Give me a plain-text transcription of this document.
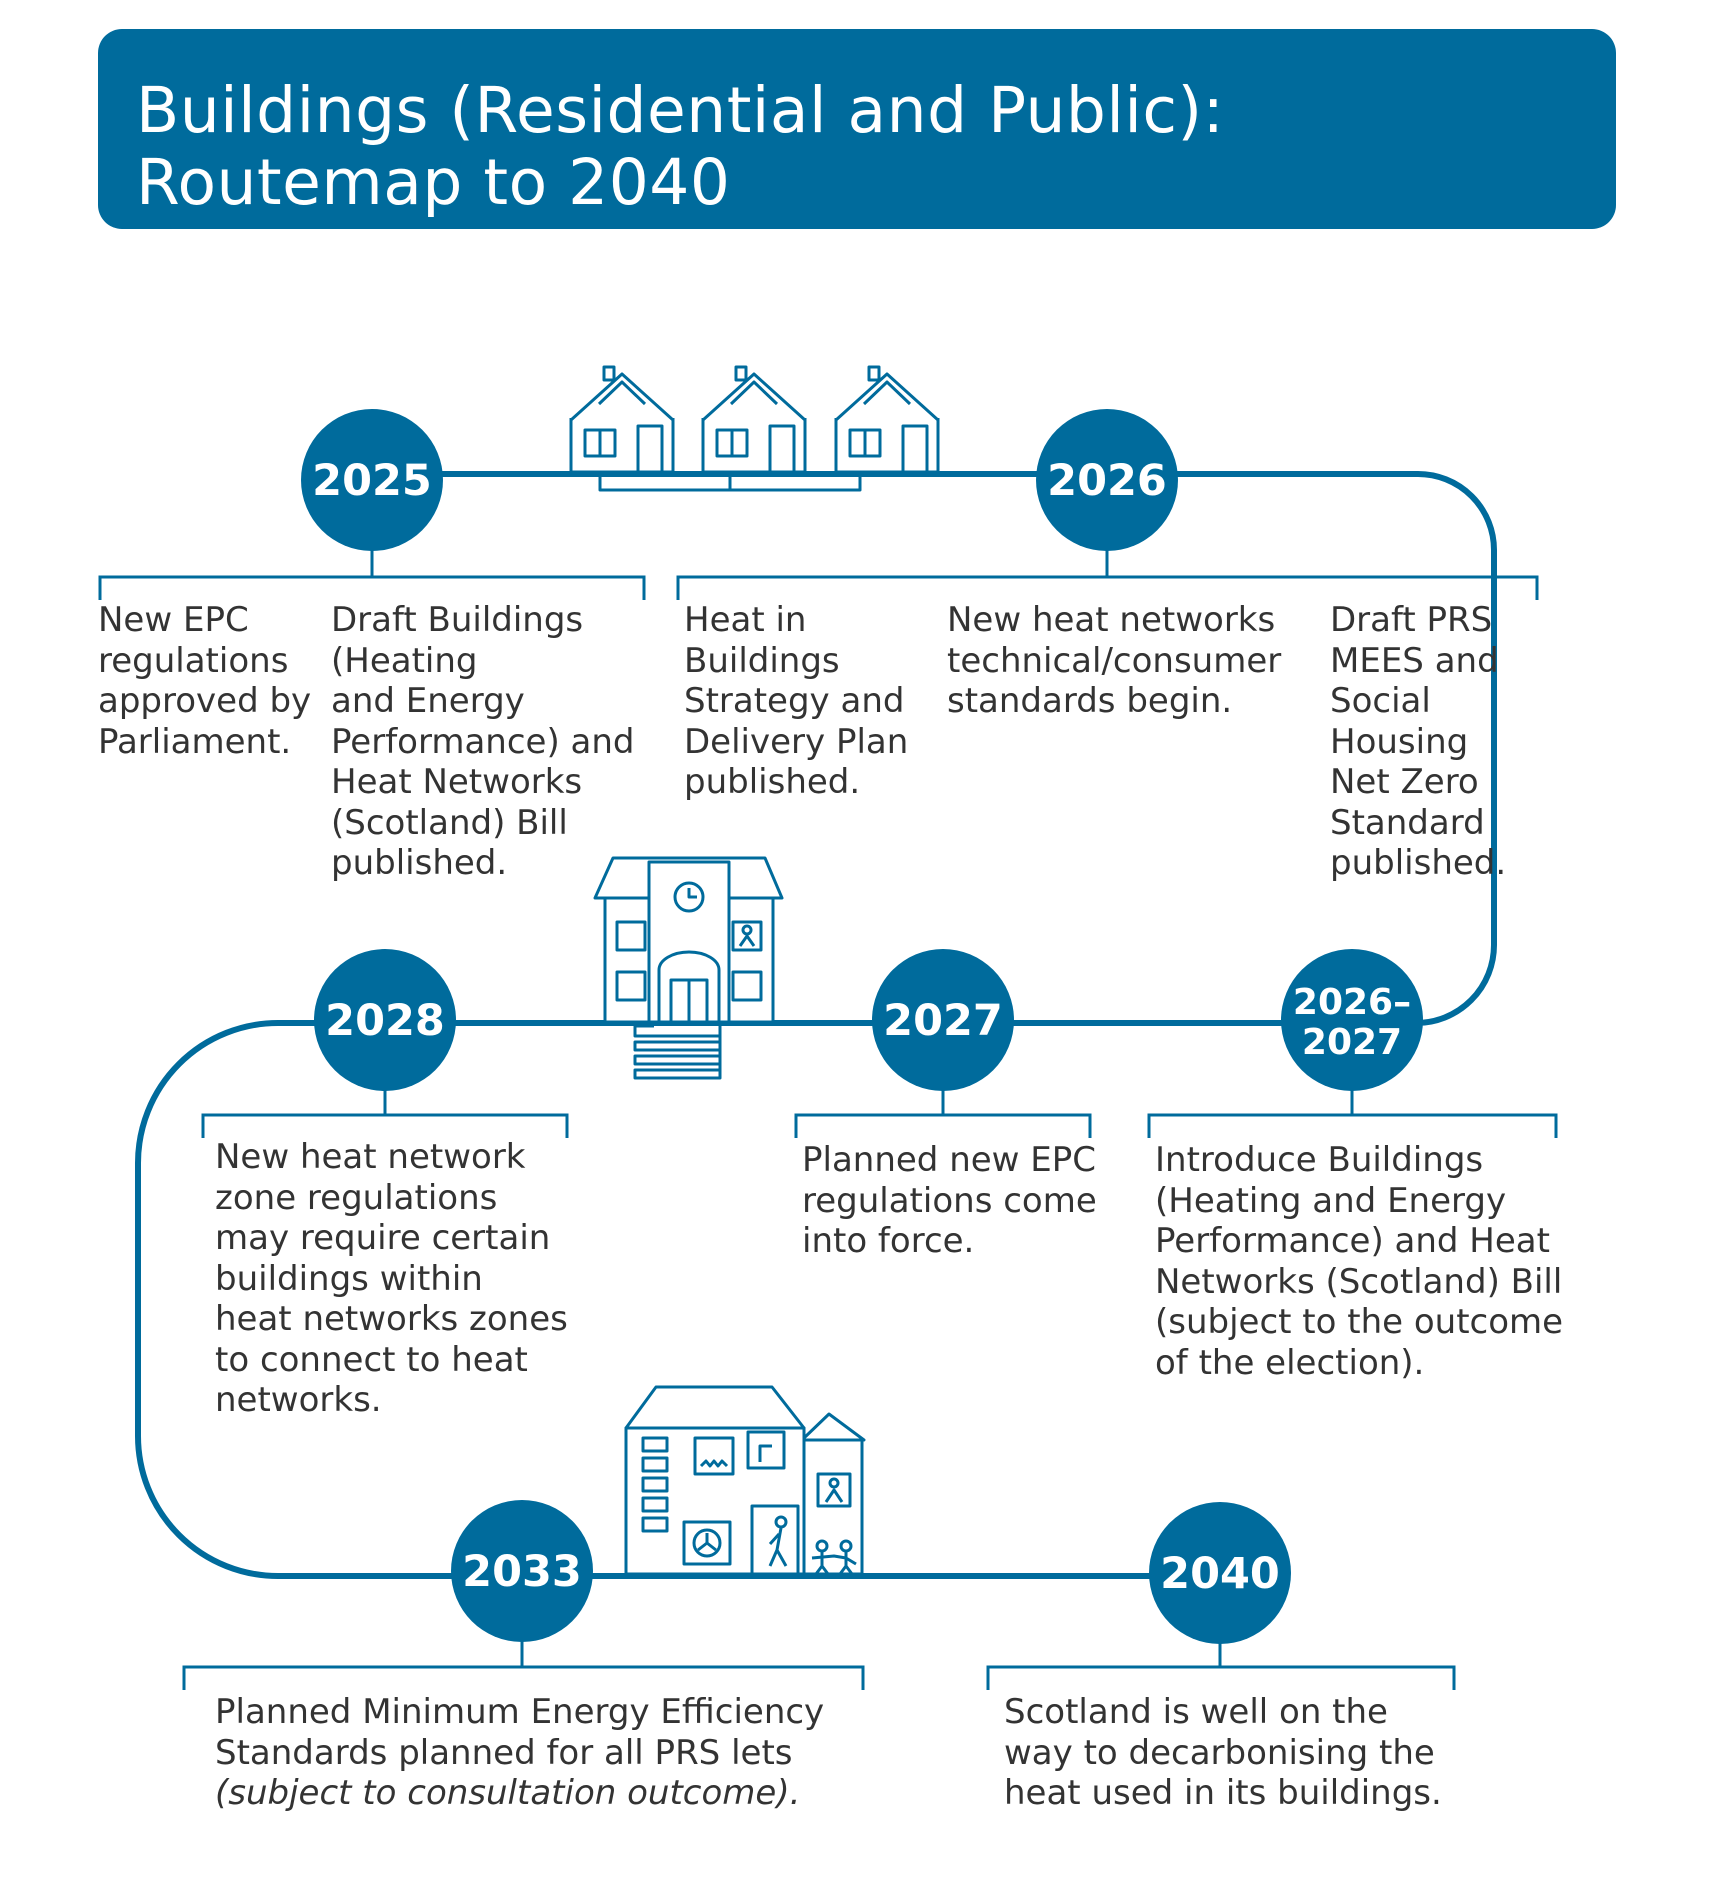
Buildings (Residential and Public):
Routemap to 2040
2025	2026
2026–
2027
2027
2028
2033	2040
New EPC
regulations
approved by
Parliament.
Draft Buildings
(Heating
and Energy
Performance) and
Heat Networks
(Scotland) Bill
published.
Heat in
Buildings
Strategy and
Delivery Plan
published.
New heat networks
technical/consumer
standards begin.
Draft PRS
MEES and
Social
Housing
Net Zero
Standard
published.
New heat network
zone regulations
may require certain
buildings within
heat networks zones
to connect to heat
networks.
Planned new EPC
regulations come
into force.
Introduce Buildings
(Heating and Energy
Performance) and Heat
Networks (Scotland) Bill
(subject to the outcome
of the election).
Planned Minimum Energy Efficiency
Standards planned for all PRS lets
(subject to consultation outcome).
Scotland is well on the
way to decarbonising the
heat used in its buildings.
